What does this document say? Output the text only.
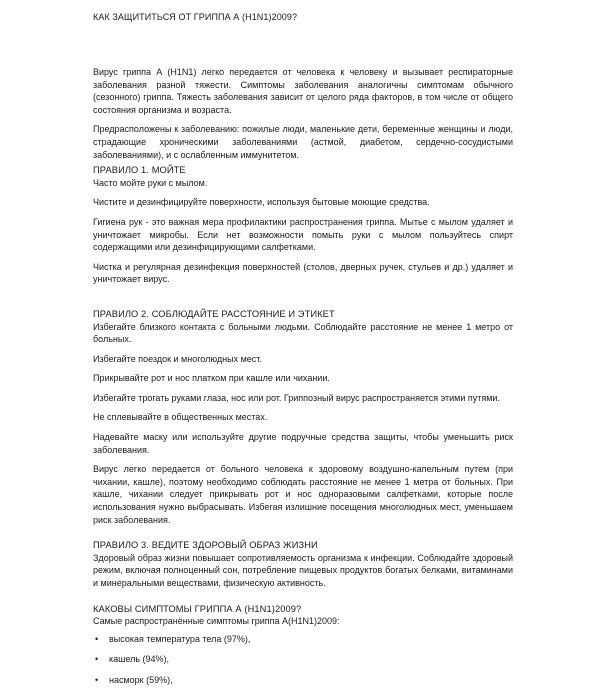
КАК ЗАЩИТИТЬСЯ ОТ ГРИППА А (H1N1)2009?

Вирус гриппа А (H1N1) легко передается от человека к человеку и вызывает респираторные заболевания разной тяжести. Симптомы заболевания аналогичны симптомам обычного (сезонного) гриппа. Тяжесть заболевания зависит от целого ряда факторов, в том числе от общего состояния организма и возраста.

Предрасположены к заболеванию: пожилые люди, маленькие дети, беременные женщины и люди, страдающие хроническими заболеваниями (астмой, диабетом, сердечно-сосудистыми заболеваниями), и с ослабленным иммунитетом.

ПРАВИЛО 1. МОЙТЕ

Часто мойте руки с мылом.

Чистите и дезинфицируйте поверхности, используя бытовые моющие средства.

Гигиена рук - это важная мера профилактики распространения гриппа. Мытье с мылом удаляет и уничтожает микробы. Если нет возможности помыть руки с мылом пользуйтесь спирт содержащими или дезинфицирующими салфетками.

Чистка и регулярная дезинфекция поверхностей (столов, дверных ручек, стульев и др.) удаляет и уничтожает вирус.

ПРАВИЛО 2. СОБЛЮДАЙТЕ РАССТОЯНИЕ И ЭТИКЕТ

Избегайте близкого контакта с больными людьми. Соблюдайте расстояние не менее 1 метро от больных.

Избегайте поездок и многолюдных мест.

Прикрывайте рот и нос платком при кашле или чихании.

Избегайте трогать руками глаза, нос или рот. Гриппозный вирус распространяется этими путями.

Не сплевывайте в общественных местах.

Надевайте маску или используйте другие подручные средства защиты, чтобы уменьшить риск заболевания.

Вирус легко передается от больного человека к здоровому воздушно-капельным путем (при чихании, кашле), поэтому необходимо соблюдать расстояние не менее 1 метра от больных. При кашле, чихании следует прикрывать рот и нос одноразовыми салфетками, которые после использования нужно выбрасывать. Избегая излишние посещения многолюдных мест, уменьшаем риск заболевания.

ПРАВИЛО 3. ВЕДИТЕ ЗДОРОВЫЙ ОБРАЗ ЖИЗНИ

Здоровый образ жизни повышает сопротивляемость организма к инфекции. Соблюдайте здоровый режим, включая полноценный сон, потребление пищевых продуктов богатых белками, витаминами и минеральными веществами, физическую активность.

КАКОВЫ СИМПТОМЫ ГРИППА А (H1N1)2009?

Самые распространённые симптомы гриппа А(H1N1)2009:

• высокая температура тела (97%),
• кашель (94%),
• насморк (59%),
